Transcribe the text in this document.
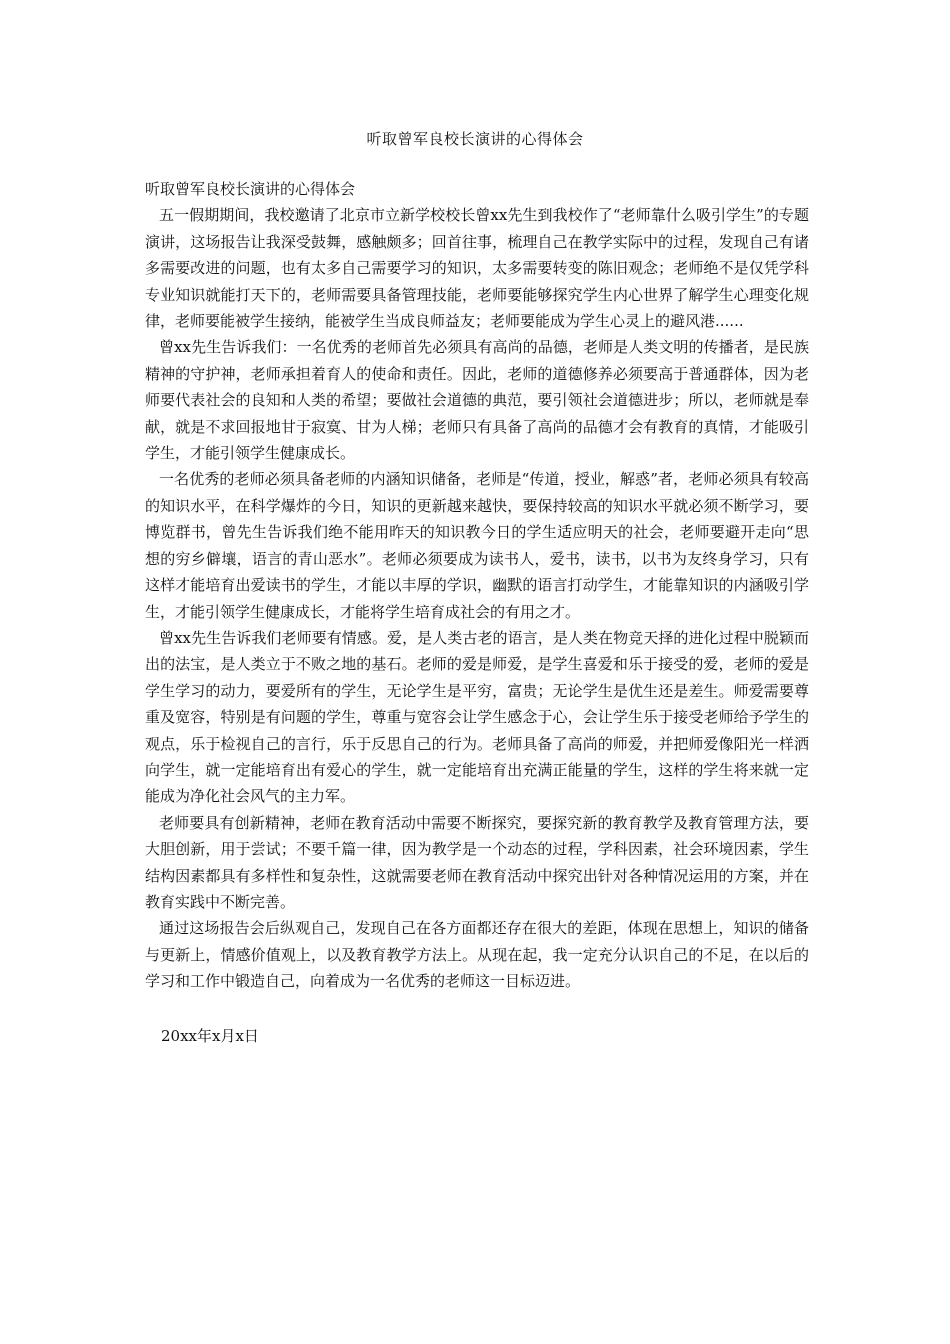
听取曾军良校长演讲的心得体会

听取曾军良校长演讲的心得体会

五一假期期间，我校邀请了北京市立新学校校长曾xx先生到我校作了“老师靠什么吸引学生”的专题演讲，这场报告让我深受鼓舞，感触颇多；回首往事，梳理自己在教学实际中的过程，发现自己有诸多需要改进的问题，也有太多自己需要学习的知识，太多需要转变的陈旧观念；老师绝不是仅凭学科专业知识就能打天下的，老师需要具备管理技能，老师要能够探究学生内心世界了解学生心理变化规律，老师要能被学生接纳，能被学生当成良师益友；老师要能成为学生心灵上的避风港......

曾xx先生告诉我们：一名优秀的老师首先必须具有高尚的品德，老师是人类文明的传播者，是民族精神的守护神，老师承担着育人的使命和责任。因此，老师的道德修养必须要高于普通群体，因为老师要代表社会的良知和人类的希望；要做社会道德的典范，要引领社会道德进步；所以，老师就是奉献，就是不求回报地甘于寂寞、甘为人梯；老师只有具备了高尚的品德才会有教育的真情，才能吸引学生，才能引领学生健康成长。

一名优秀的老师必须具备老师的内涵知识储备，老师是“传道，授业，解惑”者，老师必须具有较高的知识水平，在科学爆炸的今日，知识的更新越来越快，要保持较高的知识水平就必须不断学习，要博览群书，曾先生告诉我们绝不能用昨天的知识教今日的学生适应明天的社会，老师要避开走向“思想的穷乡僻壤，语言的青山恶水”。老师必须要成为读书人，爱书，读书，以书为友终身学习，只有这样才能培育出爱读书的学生，才能以丰厚的学识，幽默的语言打动学生，才能靠知识的内涵吸引学生，才能引领学生健康成长，才能将学生培育成社会的有用之才。

曾xx先生告诉我们老师要有情感。爱，是人类古老的语言，是人类在物竞天择的进化过程中脱颖而出的法宝，是人类立于不败之地的基石。老师的爱是师爱，是学生喜爱和乐于接受的爱，老师的爱是学生学习的动力，要爱所有的学生，无论学生是平穷，富贵；无论学生是优生还是差生。师爱需要尊重及宽容，特别是有问题的学生，尊重与宽容会让学生感念于心，会让学生乐于接受老师给予学生的观点，乐于检视自己的言行，乐于反思自己的行为。老师具备了高尚的师爱，并把师爱像阳光一样洒向学生，就一定能培育出有爱心的学生，就一定能培育出充满正能量的学生，这样的学生将来就一定能成为净化社会风气的主力军。

老师要具有创新精神，老师在教育活动中需要不断探究，要探究新的教育教学及教育管理方法，要大胆创新，用于尝试；不要千篇一律，因为教学是一个动态的过程，学科因素，社会环境因素，学生结构因素都具有多样性和复杂性，这就需要老师在教育活动中探究出针对各种情况运用的方案，并在教育实践中不断完善。

通过这场报告会后纵观自己，发现自己在各方面都还存在很大的差距，体现在思想上，知识的储备与更新上，情感价值观上，以及教育教学方法上。从现在起，我一定充分认识自己的不足，在以后的学习和工作中锻造自己，向着成为一名优秀的老师这一目标迈进。

20xx年x月x日
